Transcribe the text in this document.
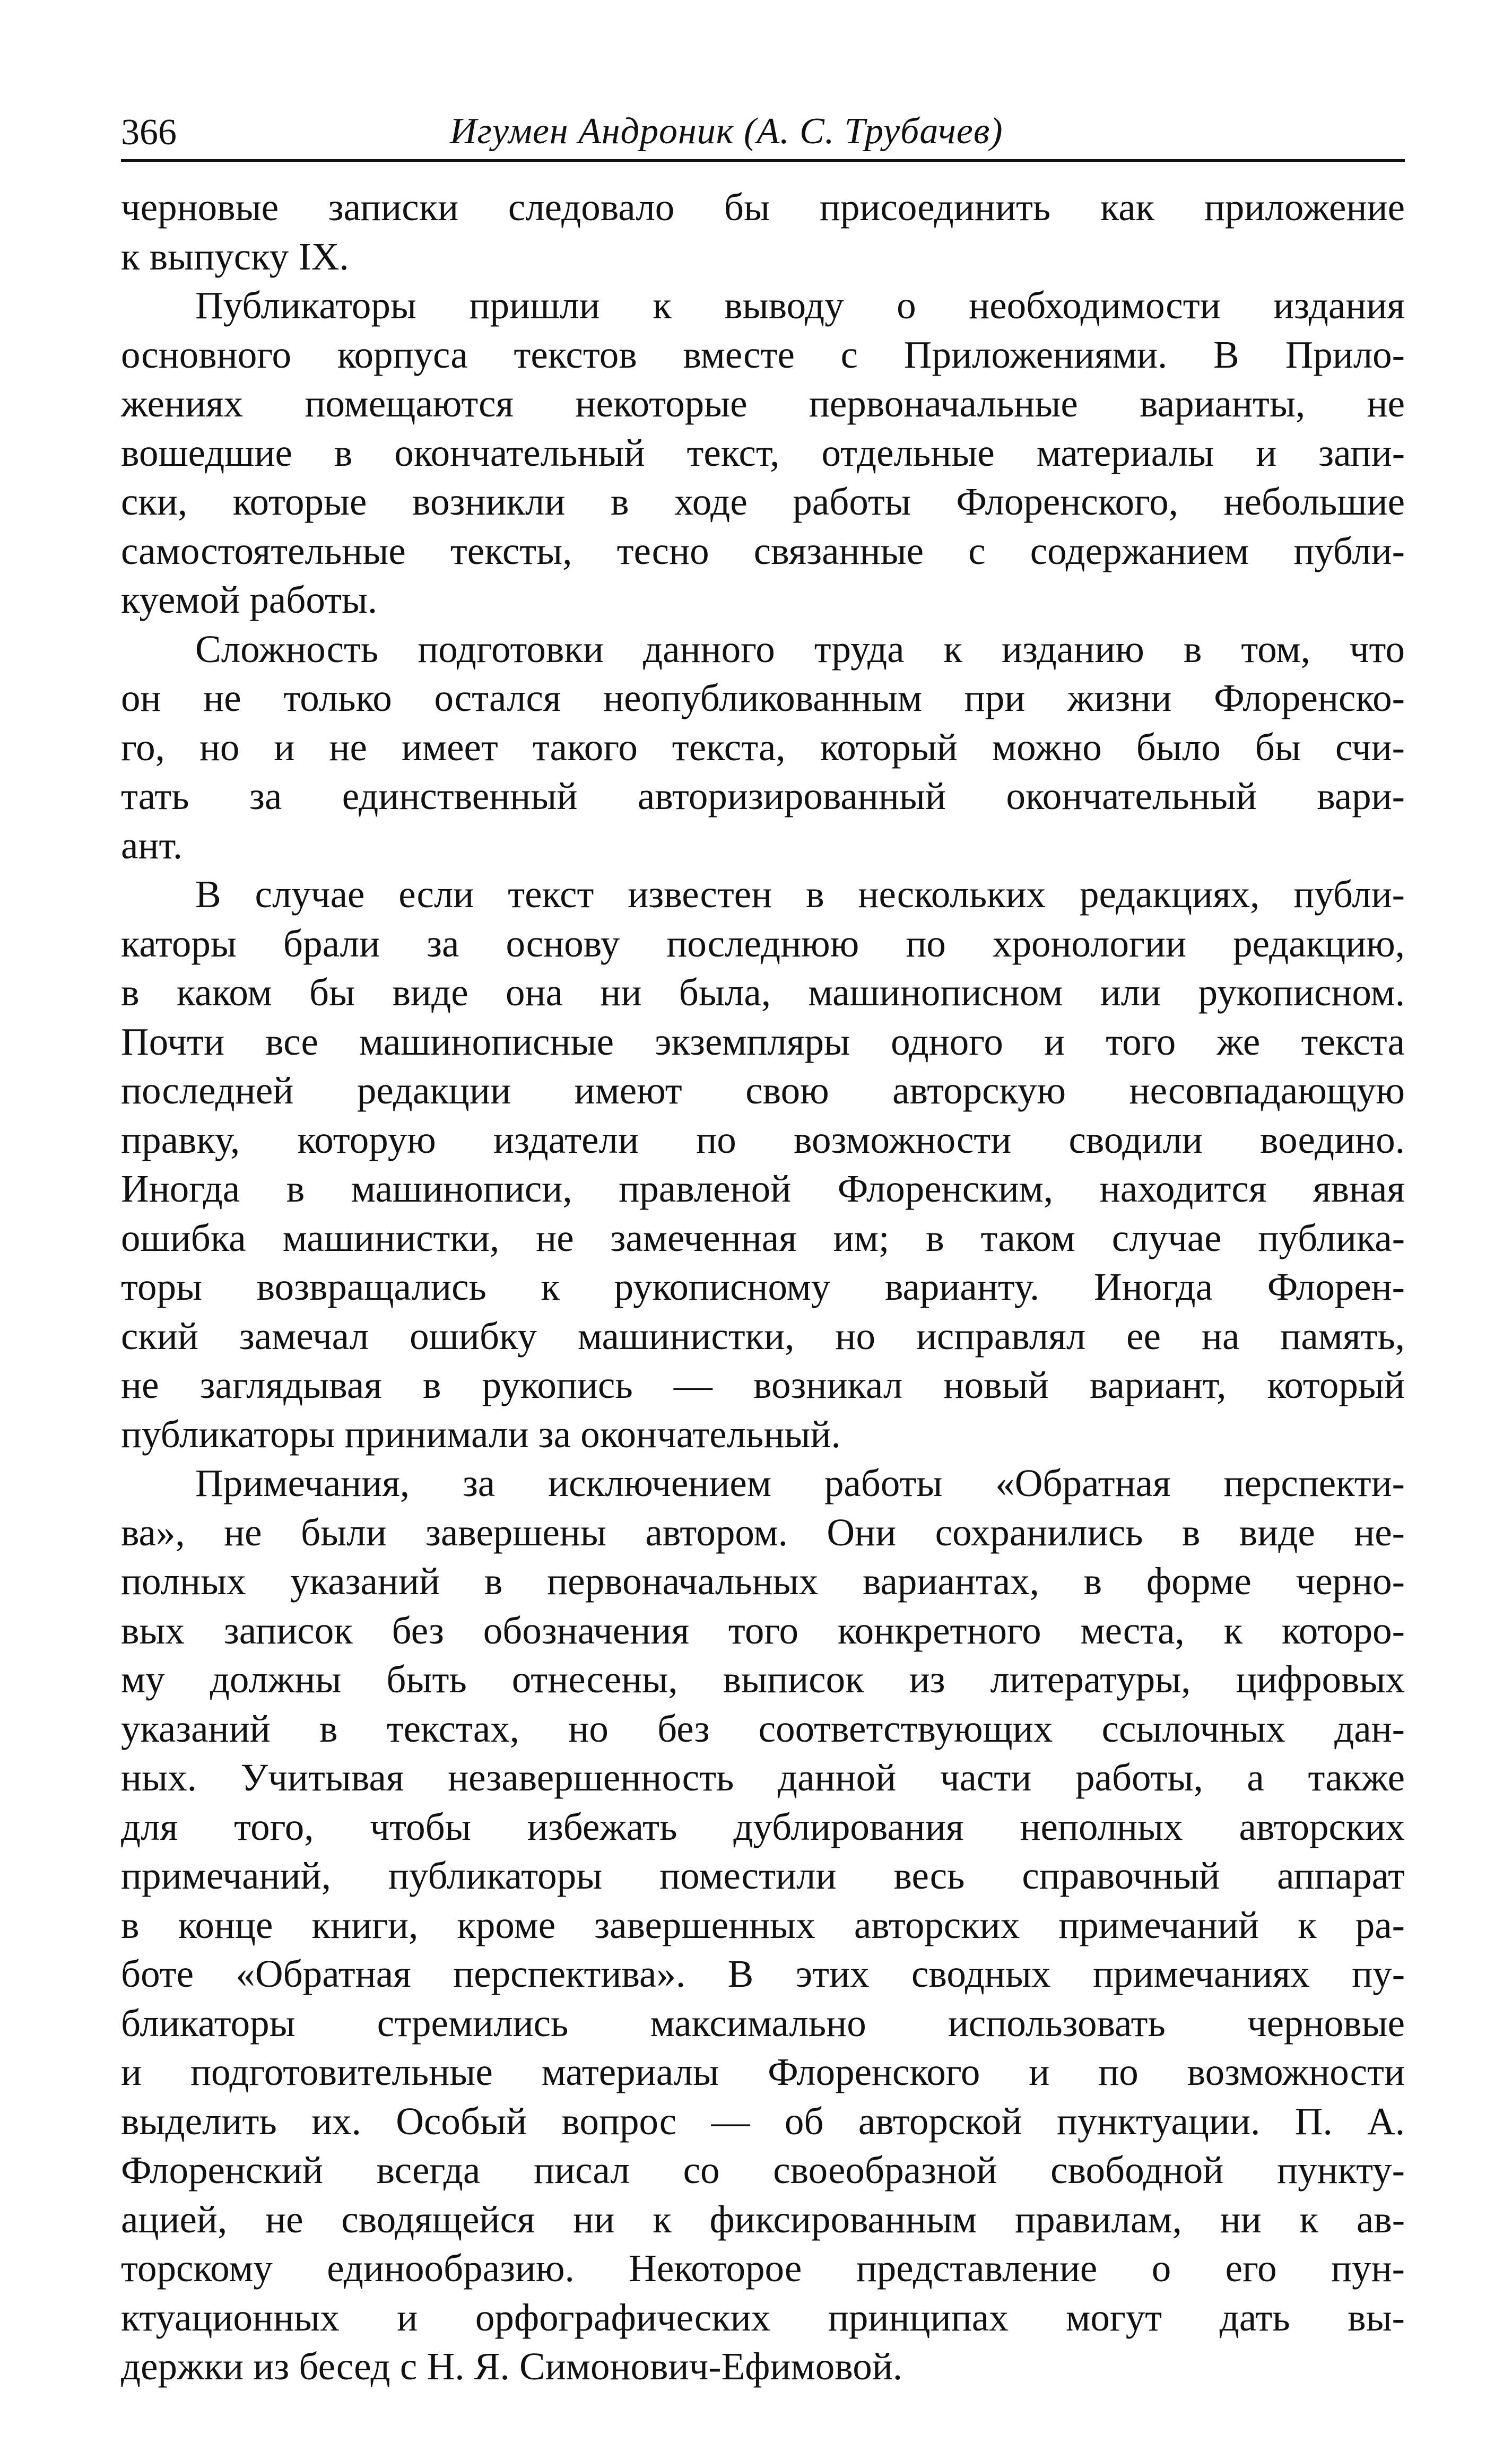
366	Игумен Андроник (А. С. Трубачев)

черновые записки следовало бы присоединить как приложение
к выпуску IX.

Публикаторы пришли к выводу о необходимости издания
основного корпуса текстов вместе с Приложениями. В Прило-
жениях помещаются некоторые первоначальные варианты, не
вошедшие в окончательный текст, отдельные материалы и запи-
ски, которые возникли в ходе работы Флоренского, небольшие
самостоятельные тексты, тесно связанные с содержанием публи-
куемой работы.

Сложность подготовки данного труда к изданию в том, что
он не только остался неопубликованным при жизни Флоренско-
го, но и не имеет такого текста, который можно было бы счи-
тать за единственный авторизированный окончательный вари-
ант.

В случае если текст известен в нескольких редакциях, публи-
каторы брали за основу последнюю по хронологии редакцию,
в каком бы виде она ни была, машинописном или рукописном.
Почти все машинописные экземпляры одного и того же текста
последней редакции имеют свою авторскую несовпадающую
правку, которую издатели по возможности сводили воедино.
Иногда в машинописи, правленой Флоренским, находится явная
ошибка машинистки, не замеченная им; в таком случае публика-
торы возвращались к рукописному варианту. Иногда Флорен-
ский замечал ошибку машинистки, но исправлял ее на память,
не заглядывая в рукопись — возникал новый вариант, который
публикаторы принимали за окончательный.

Примечания, за исключением работы «Обратная перспекти-
ва», не были завершены автором. Они сохранились в виде не-
полных указаний в первоначальных вариантах, в форме черно-
вых записок без обозначения того конкретного места, к которо-
му должны быть отнесены, выписок из литературы, цифровых
указаний в текстах, но без соответствующих ссылочных дан-
ных. Учитывая незавершенность данной части работы, а также
для того, чтобы избежать дублирования неполных авторских
примечаний, публикаторы поместили весь справочный аппарат
в конце книги, кроме завершенных авторских примечаний к ра-
боте «Обратная перспектива». В этих сводных примечаниях пу-
бликаторы стремились максимально использовать черновые
и подготовительные материалы Флоренского и по возможности
выделить их. Особый вопрос — об авторской пунктуации. П. А.
Флоренский всегда писал со своеобразной свободной пункту-
ацией, не сводящейся ни к фиксированным правилам, ни к ав-
торскому единообразию. Некоторое представление о его пун-
ктуационных и орфографических принципах могут дать вы-
держки из бесед с Н. Я. Симонович-Ефимовой.
